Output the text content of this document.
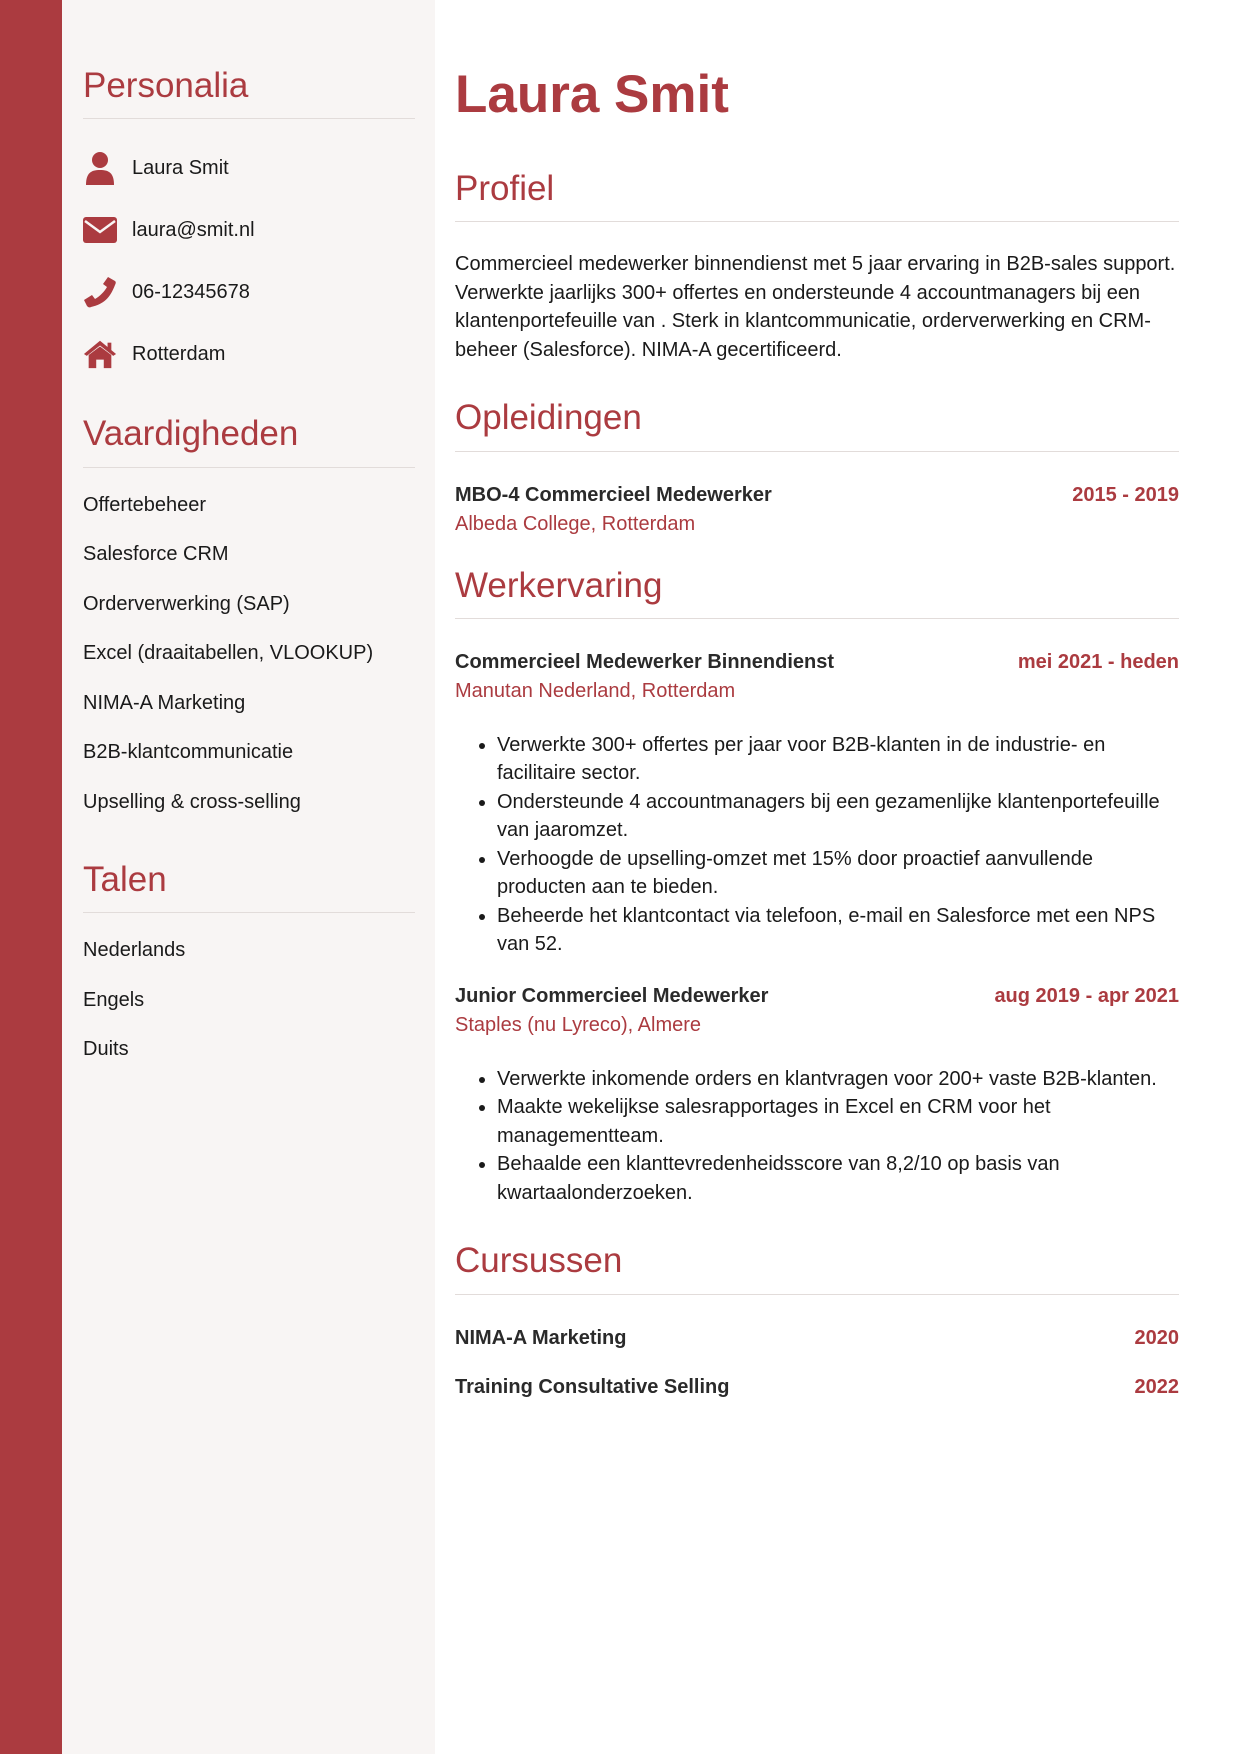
Personalia
Laura Smit
laura@smit.nl
06-12345678
Rotterdam
Vaardigheden
Offertebeheer
Salesforce CRM
Orderverwerking (SAP)
Excel (draaitabellen, VLOOKUP)
NIMA-A Marketing
B2B-klantcommunicatie
Upselling & cross-selling
Talen
Nederlands
Engels
Duits
Laura Smit
Profiel

Commercieel medewerker binnendienst met 5 jaar ervaring in B2B-sales support. Verwerkte jaarlijks 300+ offertes en ondersteunde 4 accountmanagers bij een klantenportefeuille van . Sterk in klantcommunicatie, orderverwerking en CRM-beheer (Salesforce). NIMA-A gecertificeerd.

Opleidingen
MBO-4 Commercieel Medewerker	2015 - 2019
Albeda College, Rotterdam
Werkervaring
Commercieel Medewerker Binnendienst	mei 2021 - heden
Manutan Nederland, Rotterdam
• Verwerkte 300+ offertes per jaar voor B2B-klanten in de industrie- en facilitaire sector.
• Ondersteunde 4 accountmanagers bij een gezamenlijke klantenportefeuille van jaaromzet.
• Verhoogde de upselling-omzet met 15% door proactief aanvullende producten aan te bieden.
• Beheerde het klantcontact via telefoon, e-mail en Salesforce met een NPS van 52.
Junior Commercieel Medewerker	aug 2019 - apr 2021
Staples (nu Lyreco), Almere
• Verwerkte inkomende orders en klantvragen voor 200+ vaste B2B-klanten.
• Maakte wekelijkse salesrapportages in Excel en CRM voor het managementteam.
• Behaalde een klanttevredenheidsscore van 8,2/10 op basis van kwartaalonderzoeken.
Cursussen
NIMA-A Marketing	2020
Training Consultative Selling	2022
